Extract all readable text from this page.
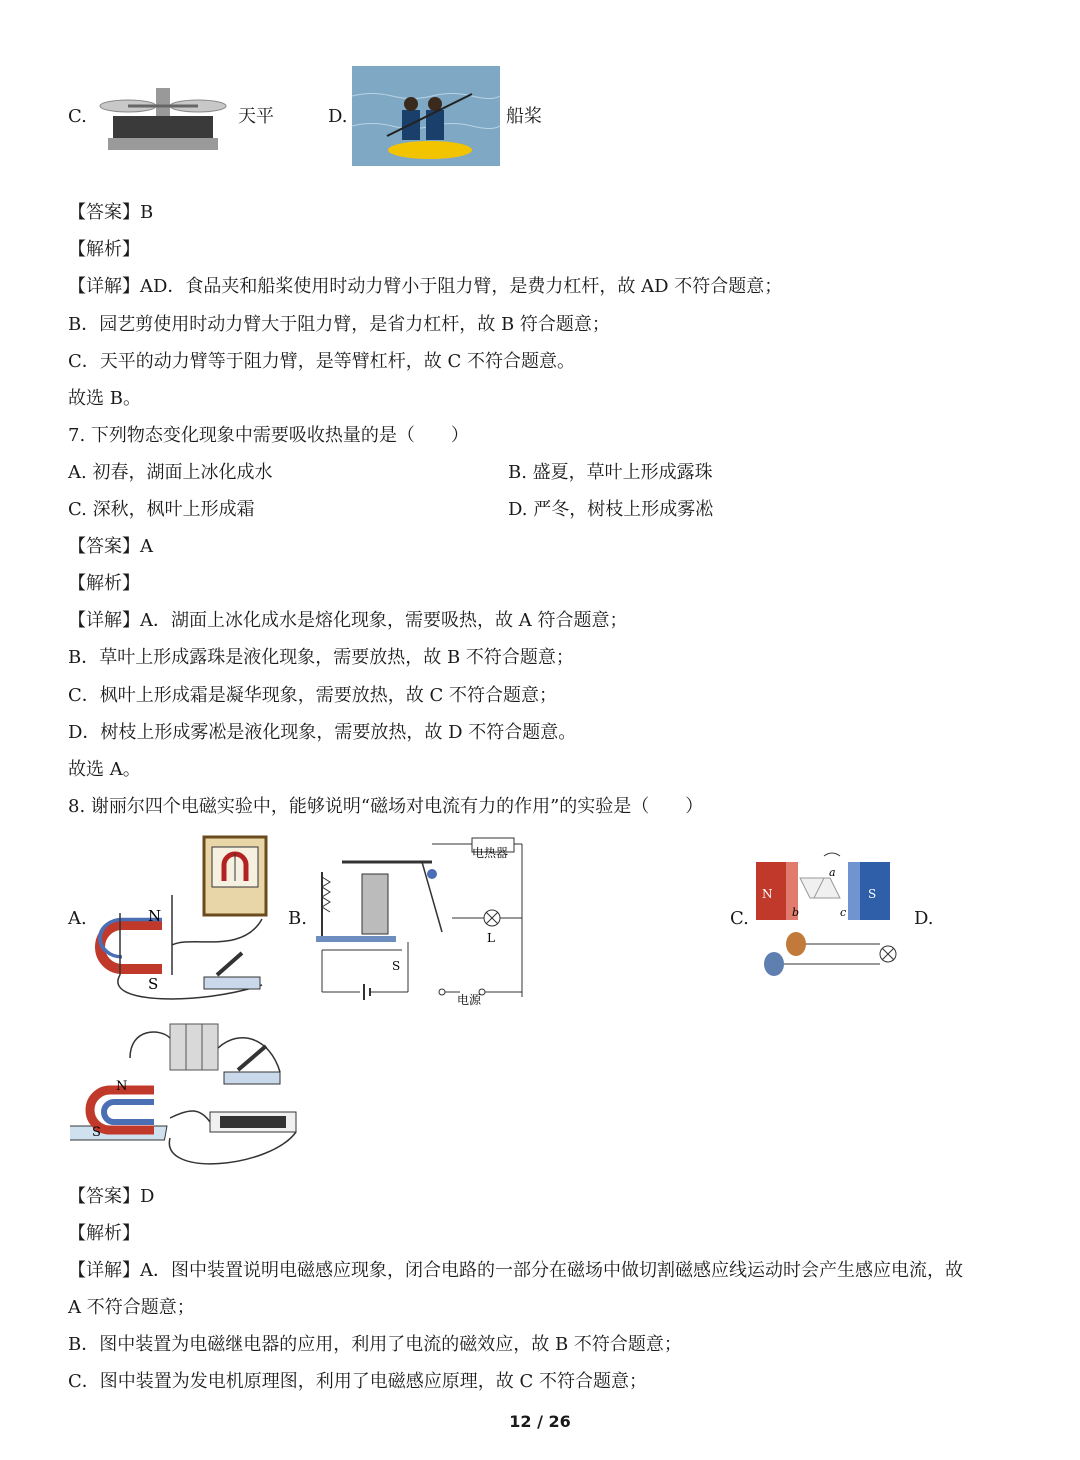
C.	天平	D.	船桨
【答案】B
【解析】
【详解】AD．食品夹和船桨使用时动力臂小于阻力臂，是费力杠杆，故 AD 不符合题意；
B．园艺剪使用时动力臂大于阻力臂，是省力杠杆，故 B 符合题意；
C．天平的动力臂等于阻力臂，是等臂杠杆，故 C 不符合题意。
故选 B。
7. 下列物态变化现象中需要吸收热量的是（　　）
A. 初春，湖面上冰化成水	B. 盛夏，草叶上形成露珠
C. 深秋，枫叶上形成霜	D. 严冬，树枝上形成雾凇
【答案】A
【解析】
【详解】A．湖面上冰化成水是熔化现象，需要吸热，故 A 符合题意；
B．草叶上形成露珠是液化现象，需要放热，故 B 不符合题意；
C．枫叶上形成霜是凝华现象，需要放热，故 C 不符合题意；
D．树枝上形成雾凇是液化现象，需要放热，故 D 不符合题意。
故选 A。
8. 谢丽尔四个电磁实验中，能够说明“磁场对电流有力的作用”的实验是（　　）
A.	N
S
B.
电热器
L
S
电源
C.
N	S
a
b	c	D.
N
S
【答案】D
【解析】
【详解】A．图中装置说明电磁感应现象，闭合电路的一部分在磁场中做切割磁感应线运动时会产生感应电流，故
A 不符合题意；
B．图中装置为电磁继电器的应用，利用了电流的磁效应，故 B 不符合题意；
C．图中装置为发电机原理图，利用了电磁感应原理，故 C 不符合题意；
12 / 26
